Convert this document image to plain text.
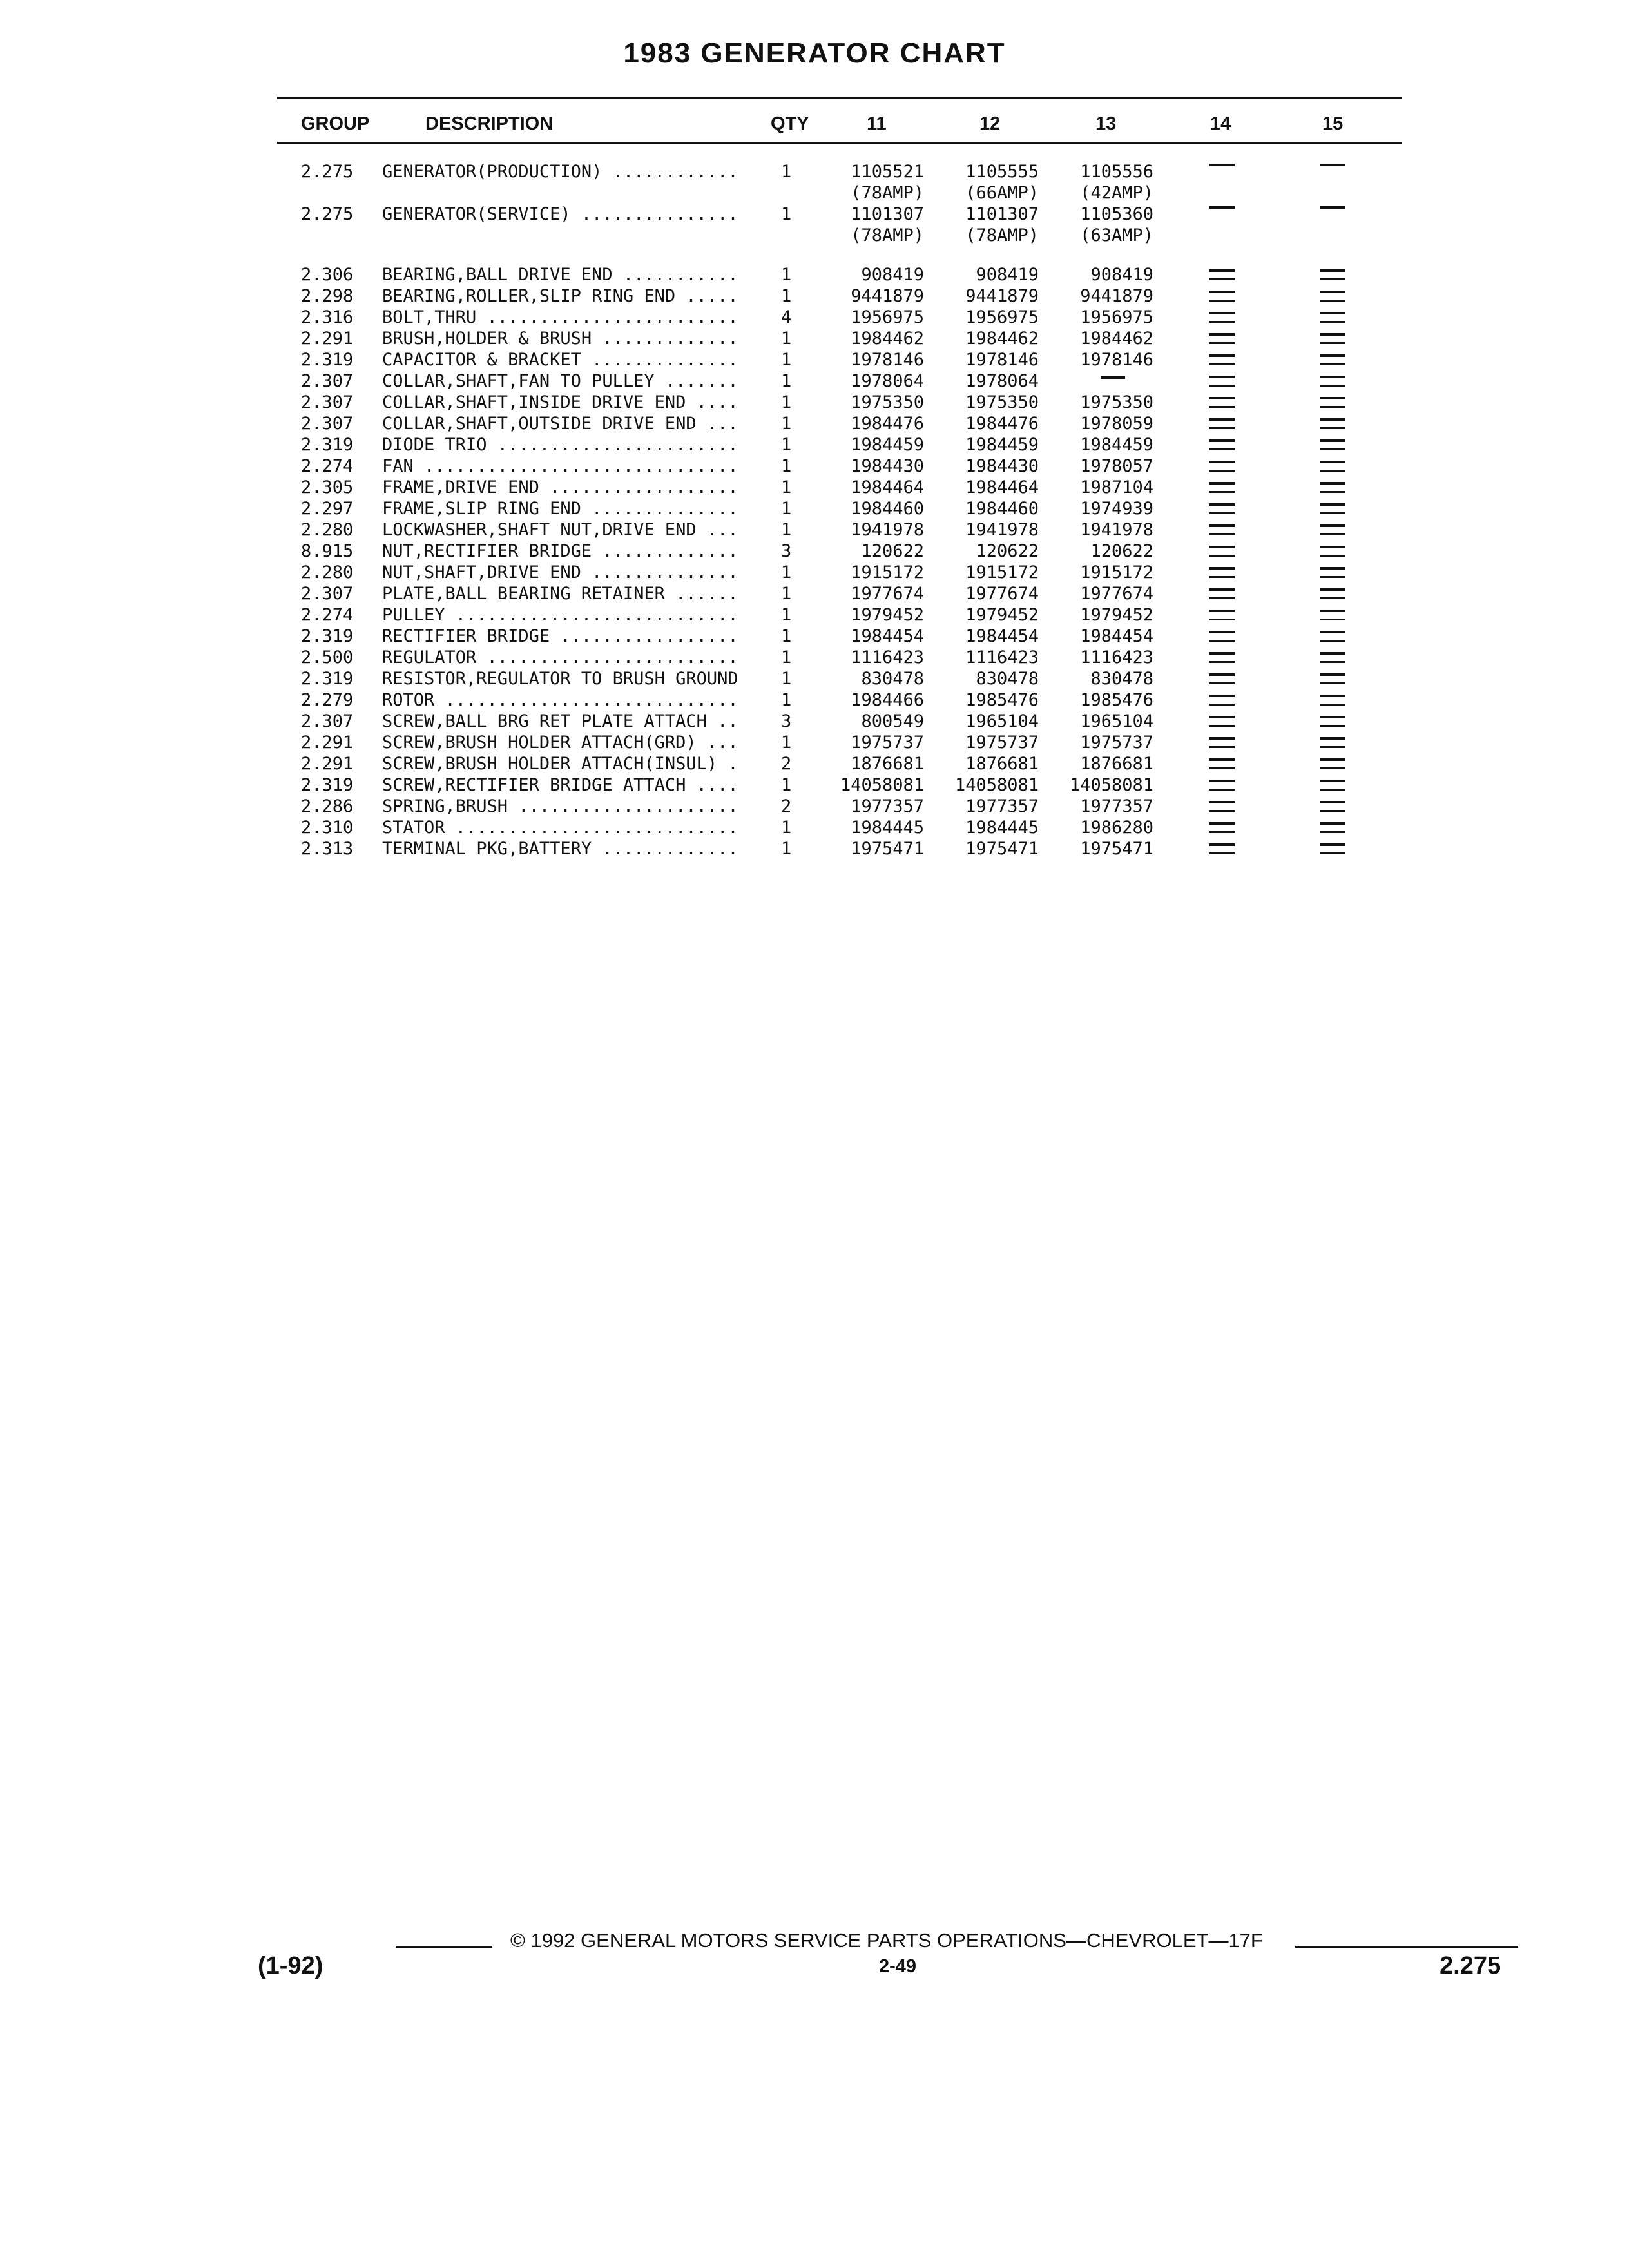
1983 GENERATOR CHART
GROUP	DESCRIPTION	QTY	11	12	13	14	15
2.275 GENERATOR(PRODUCTION) ............	1	1105521	1105555	1105556
(78AMP)	(66AMP)	(42AMP)
2.275 GENERATOR(SERVICE) ...............	1	1101307	1101307	1105360
(78AMP)	(78AMP)	(63AMP)
2.306 BEARING,BALL DRIVE END ...........	1	908419	908419	908419
2.298 BEARING,ROLLER,SLIP RING END .....	1	9441879	9441879	9441879
2.316 BOLT,THRU ........................	4	1956975	1956975	1956975
2.291 BRUSH,HOLDER & BRUSH .............	1	1984462	1984462	1984462
2.319 CAPACITOR & BRACKET ..............	1	1978146	1978146	1978146
2.307 COLLAR,SHAFT,FAN TO PULLEY .......	1	1978064	1978064
2.307 COLLAR,SHAFT,INSIDE DRIVE END ....	1	1975350	1975350	1975350
2.307 COLLAR,SHAFT,OUTSIDE DRIVE END ...	1	1984476	1984476	1978059
2.319 DIODE TRIO .......................	1	1984459	1984459	1984459
2.274 FAN ..............................	1	1984430	1984430	1978057
2.305 FRAME,DRIVE END ..................	1	1984464	1984464	1987104
2.297 FRAME,SLIP RING END ..............	1	1984460	1984460	1974939
2.280 LOCKWASHER,SHAFT NUT,DRIVE END ...	1	1941978	1941978	1941978
8.915 NUT,RECTIFIER BRIDGE .............	3	120622	120622	120622
2.280 NUT,SHAFT,DRIVE END ..............	1	1915172	1915172	1915172
2.307 PLATE,BALL BEARING RETAINER ......	1	1977674	1977674	1977674
2.274 PULLEY ...........................	1	1979452	1979452	1979452
2.319 RECTIFIER BRIDGE .................	1	1984454	1984454	1984454
2.500 REGULATOR ........................	1	1116423	1116423	1116423
2.319 RESISTOR,REGULATOR TO BRUSH GROUND	1	830478	830478	830478
2.279 ROTOR ............................	1	1984466	1985476	1985476
2.307 SCREW,BALL BRG RET PLATE ATTACH ..	3	800549	1965104	1965104
2.291 SCREW,BRUSH HOLDER ATTACH(GRD) ...	1	1975737	1975737	1975737
2.291 SCREW,BRUSH HOLDER ATTACH(INSUL) .	2	1876681	1876681	1876681
2.319 SCREW,RECTIFIER BRIDGE ATTACH ....	1	14058081	14058081	14058081
2.286 SPRING,BRUSH .....................	2	1977357	1977357	1977357
2.310 STATOR ...........................	1	1984445	1984445	1986280
2.313 TERMINAL PKG,BATTERY .............	1	1975471	1975471	1975471
© 1992 GENERAL MOTORS SERVICE PARTS OPERATIONS—CHEVROLET—17F
(1-92)	2-49	2.275
